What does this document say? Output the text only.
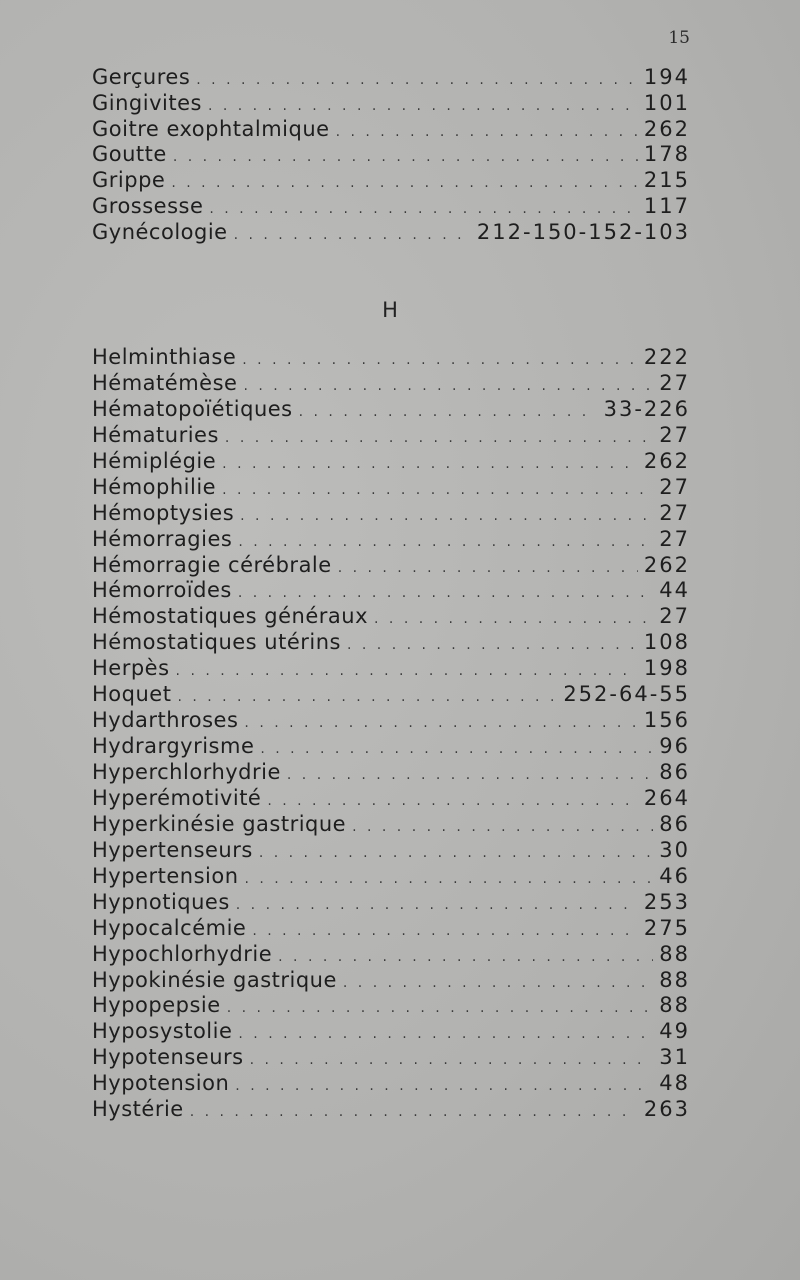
15
Gerçures . . .	194
Gingivites . . .	101
Goitre exophtalmique . . .	262
Goutte . . .	178
Grippe . . .	215
Grossesse . . .	117
Gynécologie . . .	212-150-152-103
H
Helminthiase . . .	222
Hématémèse . . .	27
Hématopoïétiques . . .	33-226
Hématuries . . .	27
Hémiplégie . . .	262
Hémophilie . . .	27
Hémoptysies . . .	27
Hémorragies . . .	27
Hémorragie cérébrale . . .	262
Hémorroïdes . . .	44
Hémostatiques généraux . . .	27
Hémostatiques utérins . . .	108
Herpès . . .	198
Hoquet . . .	252-64-55
Hydarthroses . . .	156
Hydrargyrisme . . .	96
Hyperchlorhydrie . . .	86
Hyperémotivité . . .	264
Hyperkinésie gastrique . . .	86
Hypertenseurs . . .	30
Hypertension . . .	46
Hypnotiques . . .	253
Hypocalcémie . . .	275
Hypochlorhydrie . . .	88
Hypokinésie gastrique . . .	88
Hypopepsie . . .	88
Hyposystolie . . .	49
Hypotenseurs . . .	31
Hypotension . . .	48
Hystérie . . .	263
